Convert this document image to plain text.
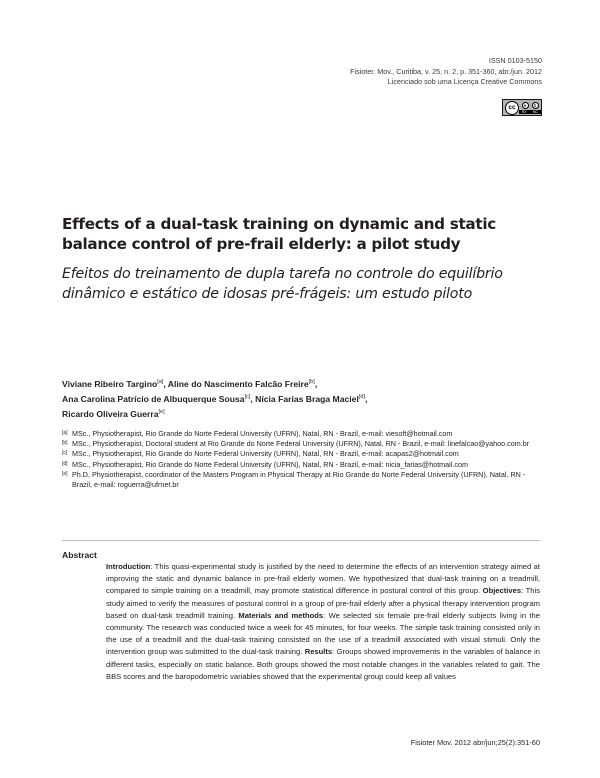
ISSN 0103-5150
Fisioter. Mov., Curitiba, v. 25, n. 2, p. 351-360, abr./jun. 2012
Licenciado sob uma Licença Creative Commons
cc	●	$
BY NC
Effects of a dual-task training on dynamic and static balance control of pre-frail elderly: a pilot study
Efeitos do treinamento de dupla tarefa no controle do equilíbrio dinâmico e estático de idosas pré-frágeis: um estudo piloto
Viviane Ribeiro Targino[a], Aline do Nascimento Falcão Freire[b],
Ana Carolina Patrício de Albuquerque Sousa[c], Nícia Farias Braga Maciel[d],
Ricardo Oliveira Guerra[e]
[a] MSc., Physiotherapist, Rio Grande do Norte Federal University (UFRN), Natal, RN - Brazil, e-mail: viesoft@hotmail.com
[b] MSc., Physiotherapist, Doctoral student at Rio Grande do Norte Federal University (UFRN), Natal, RN - Brazil, e-mail: linefalcao@yahoo.com.br
[c] MSc., Physiotherapist, Rio Grande do Norte Federal University (UFRN), Natal, RN - Brazil, e-mail: acapas2@hotmail.com
[d] MSc., Physiotherapist, Rio Grande do Norte Federal University (UFRN), Natal, RN - Brazil, e-mail: nicia_farias@hotmail.com
[e] Ph.D, Physiotherapist, coordinator of the Masters Program in Physical Therapy at Rio Grande do Norte Federal University (UFRN), Natal, RN - Brazil, e-mail: roguerra@ufrnet.br
Abstract
Introduction: This quasi-experimental study is justified by the need to determine the effects of an intervention strategy aimed at improving the static and dynamic balance in pre-frail elderly women. We hypothesized that dual-task training on a treadmill, compared to simple training on a treadmill, may promote statistical difference in postural control of this group. Objectives: This study aimed to verify the measures of postural control in a group of pre-frail elderly after a physical therapy intervention program based on dual-task treadmill training. Materials and methods: We selected six female pre-frail elderly subjects living in the community. The research was conducted twice a week for 45 minutes, for four weeks. The simple task training consisted only in the use of a treadmill and the dual-task training consisted on the use of a treadmill associated with visual stimuli. Only the intervention group was submitted to the dual-task training. Results: Groups showed improvements in the variables of balance in different tasks, especially on static balance. Both groups showed the most notable changes in the variables related to gait. The BBS scores and the baropodometric variables showed that the experimental group could keep all values
Fisioter Mov. 2012 abr/jun;25(2):351-60
